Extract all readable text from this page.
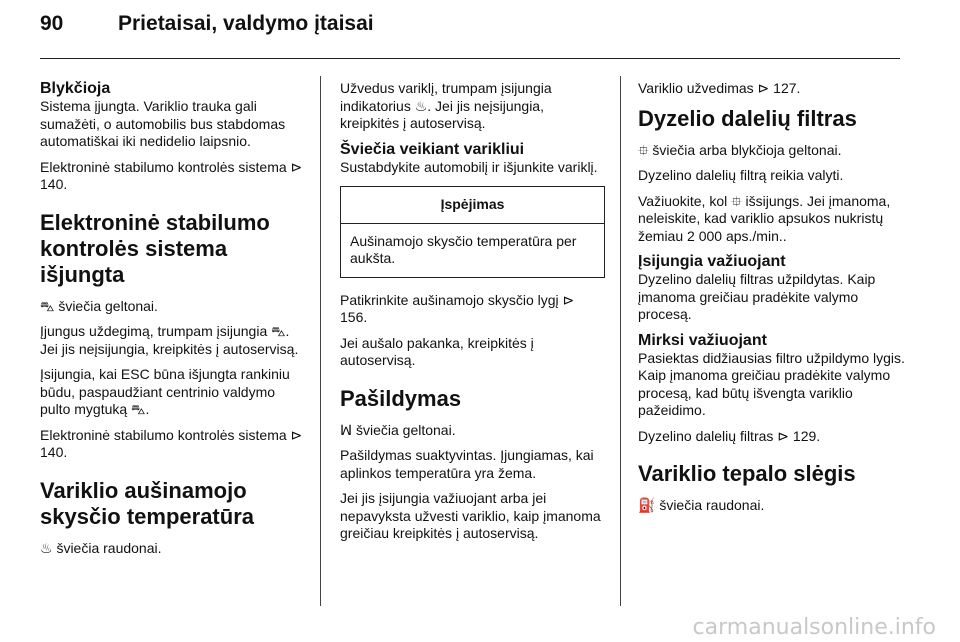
90	Prietaisai, valdymo įtaisai
Blykčioja

Sistema įjungta. Variklio trauka gali sumažėti, o automobilis bus stabdomas automatiškai iki nedidelio laipsnio.

Elektroninė stabilumo kontrolės sistema ⊳ 140.

Elektroninė stabilumo kontrolės sistema išjungta

⛍ šviečia geltonai.

Įjungus uždegimą, trumpam įsijungia ⛍. Jei jis neįsijungia, kreipkitės į autoservisą.

Įsijungia, kai ESC būna išjungta rankiniu būdu, paspaudžiant centrinio valdymo pulto mygtuką ⛍.

Elektroninė stabilumo kontrolės sistema ⊳ 140.

Variklio aušinamojo skysčio temperatūra

♨ šviečia raudonai.

Užvedus variklį, trumpam įsijungia indikatorius ♨. Jei jis neįsijungia, kreipkitės į autoservisą.

Šviečia veikiant varikliui

Sustabdykite automobilį ir išjunkite variklį.

Įspėjimas
Aušinamojo skysčio temperatūra per aukšta.

Patikrinkite aušinamojo skysčio lygį ⊳ 156.

Jei aušalo pakanka, kreipkitės į autoservisą.

Pašildymas

ꟽ šviečia geltonai.

Pašildymas suaktyvintas. Įjungiamas, kai aplinkos temperatūra yra žema.

Jei jis įsijungia važiuojant arba jei nepavyksta užvesti variklio, kaip įmanoma greičiau kreipkitės į autoservisą.

Variklio užvedimas ⊳ 127.

Dyzelio dalelių filtras

⯐ šviečia arba blykčioja geltonai.

Dyzelino dalelių filtrą reikia valyti.

Važiuokite, kol ⯐ išsijungs. Jei įmanoma, neleiskite, kad variklio apsukos nukristų žemiau 2 000 aps./min..

Įsijungia važiuojant

Dyzelino dalelių filtras užpildytas. Kaip įmanoma greičiau pradėkite valymo procesą.

Mirksi važiuojant

Pasiektas didžiausias filtro užpildymo lygis. Kaip įmanoma greičiau pradėkite valymo procesą, kad būtų išvengta variklio pažeidimo.

Dyzelino dalelių filtras ⊳ 129.

Variklio tepalo slėgis

⛽ šviečia raudonai.

carmanualsonline.info
